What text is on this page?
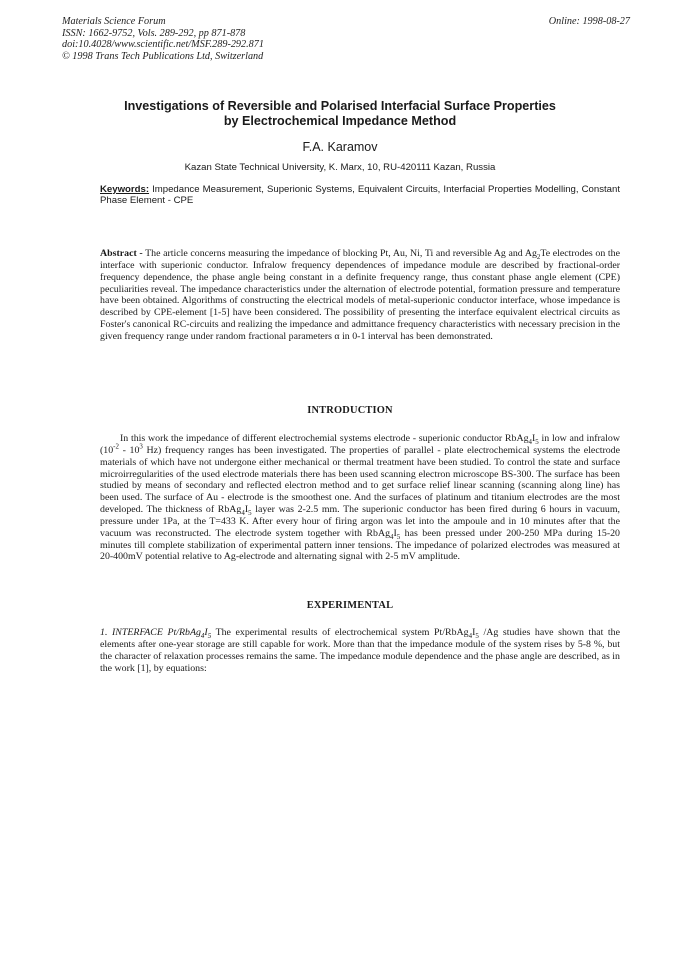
Materials Science Forum
ISSN: 1662-9752, Vols. 289-292, pp 871-878
doi:10.4028/www.scientific.net/MSF.289-292.871
© 1998 Trans Tech Publications Ltd, Switzerland
Online: 1998-08-27
Investigations of Reversible and Polarised Interfacial Surface Properties
by Electrochemical Impedance Method
F.A. Karamov
Kazan State Technical University, K. Marx, 10, RU-420111 Kazan, Russia
Keywords: Impedance Measurement, Superionic Systems, Equivalent Circuits, Interfacial Properties Modelling, Constant Phase Element - CPE
Abstract - The article concerns measuring the impedance of blocking Pt, Au, Ni, Ti and reversible Ag and $Ag_2Te$ electrodes on the interface with superionic conductor. Infralow frequency dependences of impedance module are described by fractional-order frequency dependence, the phase angle being constant in a definite frequency range, thus constant phase angle element (CPE) peculiarities reveal. The impedance characteristics under the alternation of electrode potential, formation pressure and temperature have been obtained. Algorithms of constructing the electrical models of metal-superionic conductor interface, whose impedance is described by CPE-element [1-5] have been considered. The possibility of presenting the interface equivalent electrical circuits as Foster's canonical RC-circuits and realizing the impedance and admittance frequency characteristics with necessary precision in the given frequency range under random fractional parameters α in 0-1 interval has been demonstrated.
INTRODUCTION
In this work the impedance of different electrochemial systems electrode - superionic conductor $RbAg_4I_5$ in low and infralow ($10^{-2} - 10^3$ Hz) frequency ranges has been investigated. The properties of parallel - plate electrochemical systems the electrode materials of which have not undergone either mechanical or thermal treatment have been studied. To control the state and surface microirregularities of the used electrode materials there has been used scanning electron microscope BS-300. The surface has been studied by means of secondary and reflected electron method and to get surface relief linear scanning (scanning along line) has been used. The surface of Au - electrode is the smoothest one. And the surfaces of platinum and titanium electrodes are the most developed. The thickness of $RbAg_4I_5$ layer was 2-2.5 mm. The superionic conductor has been fired during 6 hours in vacuum, pressure under 1Pa, at the T=433 K. After every hour of firing argon was let into the ampoule and in 10 minutes after that the vacuum was reconstructed. The electrode system together with $RbAg_4I_5$ has been pressed under 200-250 MPa during 15-20 minutes till complete stabilization of experimental pattern inner tensions. The impedance of polarized electrodes was measured at 20-400mV potential relative to Ag-electrode and alternating signal with 2-5 mV amplitude.
EXPERIMENTAL
1. INTERFACE $Pt/RbAg_4I_5$ The experimental results of electrochemical system $Pt/RbAg_4I_5$ /Ag studies have shown that the elements after one-year storage are still capable for work. More than that the impedance module of the system rises by 5-8 %, but the character of relaxation processes remains the same. The impedance module dependence and the phase angle are described, as in the work [1], by equations:
